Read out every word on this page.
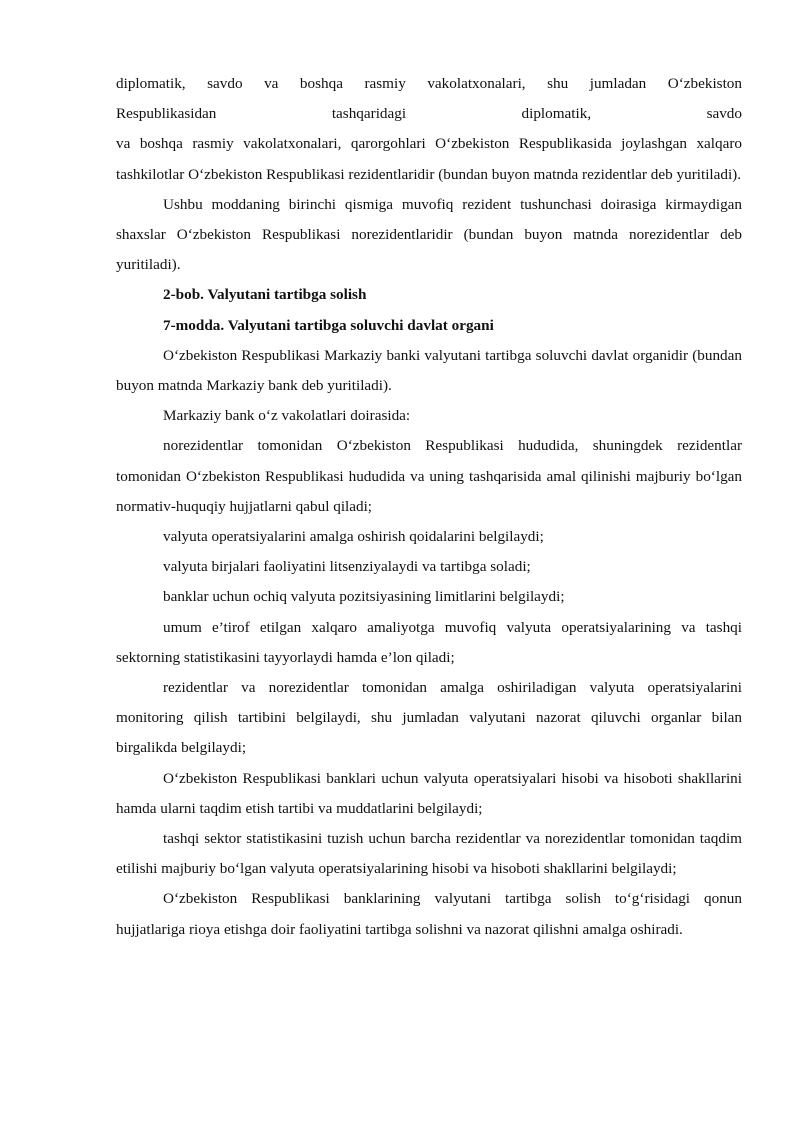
diplomatik, savdo va boshqa rasmiy vakolatxonalari, shu jumladan O‘zbekiston
Respublikasidan tashqaridagi diplomatik, savdo
va boshqa rasmiy vakolatxonalari, qarorgohlari O‘zbekiston Respublikasida joylashgan xalqaro tashkilotlar O‘zbekiston Respublikasi rezidentlaridir (bundan buyon matnda rezidentlar deb yuritiladi).

Ushbu moddaning birinchi qismiga muvofiq rezident tushunchasi doirasiga kirmaydigan shaxslar O‘zbekiston Respublikasi norezidentlaridir (bundan buyon matnda norezidentlar deb yuritiladi).

2-bob. Valyutani tartibga solish

7-modda. Valyutani tartibga soluvchi davlat organi

O‘zbekiston Respublikasi Markaziy banki valyutani tartibga soluvchi davlat organidir (bundan buyon matnda Markaziy bank deb yuritiladi).

Markaziy bank o‘z vakolatlari doirasida:

norezidentlar tomonidan O‘zbekiston Respublikasi hududida, shuningdek rezidentlar tomonidan O‘zbekiston Respublikasi hududida va uning tashqarisida amal qilinishi majburiy bo‘lgan normativ-huquqiy hujjatlarni qabul qiladi;

valyuta operatsiyalarini amalga oshirish qoidalarini belgilaydi;

valyuta birjalari faoliyatini litsenziyalaydi va tartibga soladi;

banklar uchun ochiq valyuta pozitsiyasining limitlarini belgilaydi;

umum e’tirof etilgan xalqaro amaliyotga muvofiq valyuta operatsiyalarining va tashqi sektorning statistikasini tayyorlaydi hamda e’lon qiladi;

rezidentlar va norezidentlar tomonidan amalga oshiriladigan valyuta operatsiyalarini monitoring qilish tartibini belgilaydi, shu jumladan valyutani nazorat qiluvchi organlar bilan birgalikda belgilaydi;

O‘zbekiston Respublikasi banklari uchun valyuta operatsiyalari hisobi va hisoboti shakllarini hamda ularni taqdim etish tartibi va muddatlarini belgilaydi;

tashqi sektor statistikasini tuzish uchun barcha rezidentlar va norezidentlar tomonidan taqdim etilishi majburiy bo‘lgan valyuta operatsiyalarining hisobi va hisoboti shakllarini belgilaydi;

O‘zbekiston Respublikasi banklarining valyutani tartibga solish to‘g‘risidagi qonun hujjatlariga rioya etishga doir faoliyatini tartibga solishni va nazorat qilishni amalga oshiradi.
